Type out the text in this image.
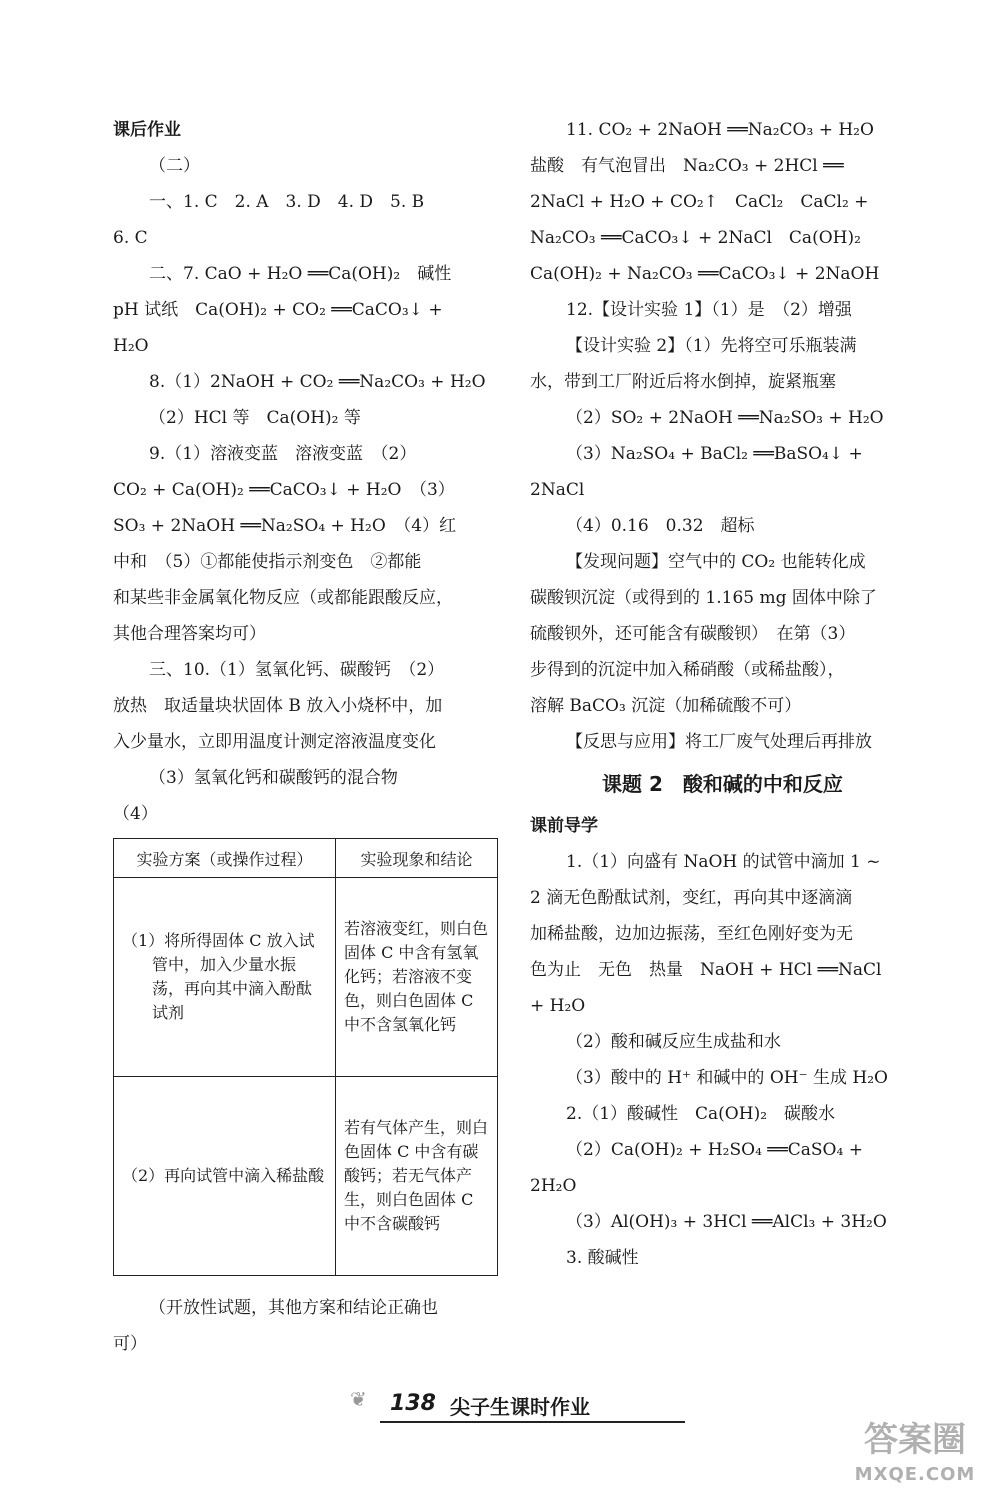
课后作业
（二）
一、1. C　2. A　3. D　4. D　5. B
6. C
二、7. CaO + H₂O ══Ca(OH)₂　碱性
pH 试纸　Ca(OH)₂ + CO₂ ══CaCO₃↓ +
H₂O
8.（1）2NaOH + CO₂ ══Na₂CO₃ + H₂O
（2）HCl 等　Ca(OH)₂ 等
9.（1）溶液变蓝　溶液变蓝　（2）
CO₂ + Ca(OH)₂ ══CaCO₃↓ + H₂O　（3）
SO₃ + 2NaOH ══Na₂SO₄ + H₂O　（4）红
中和　（5）①都能使指示剂变色　②都能
和某些非金属氧化物反应（或都能跟酸反应，
其他合理答案均可）
三、10.（1）氢氧化钙、碳酸钙　（2）
放热　取适量块状固体 B 放入小烧杯中，加
入少量水，立即用温度计测定溶液温度变化
（3）氢氧化钙和碳酸钙的混合物
（4）
实验方案（或操作过程）	实验现象和结论

（1）将所得固体 C 放入试管中，加入少量水振荡，再向其中滴入酚酞试剂	若溶液变红，则白色固体 C 中含有氢氧化钙；若溶液不变色，则白色固体 C 中不含氢氧化钙

（2）再向试管中滴入稀盐酸	若有气体产生，则白色固体 C 中含有碳酸钙；若无气体产生，则白色固体 C 中不含碳酸钙
（开放性试题，其他方案和结论正确也
可）
11. CO₂ + 2NaOH ══Na₂CO₃ + H₂O
盐酸　有气泡冒出　Na₂CO₃ + 2HCl ══
2NaCl + H₂O + CO₂↑　CaCl₂　CaCl₂ +
Na₂CO₃ ══CaCO₃↓ + 2NaCl　Ca(OH)₂
Ca(OH)₂ + Na₂CO₃ ══CaCO₃↓ + 2NaOH
12.【设计实验 1】（1）是　（2）增强
【设计实验 2】（1）先将空可乐瓶装满
水，带到工厂附近后将水倒掉，旋紧瓶塞
（2）SO₂ + 2NaOH ══Na₂SO₃ + H₂O
（3）Na₂SO₄ + BaCl₂ ══BaSO₄↓ +
2NaCl
（4）0.16　0.32　超标
【发现问题】空气中的 CO₂ 也能转化成
碳酸钡沉淀（或得到的 1.165 mg 固体中除了
硫酸钡外，还可能含有碳酸钡）　在第（3）
步得到的沉淀中加入稀硝酸（或稀盐酸），
溶解 BaCO₃ 沉淀（加稀硫酸不可）
【反思与应用】将工厂废气处理后再排放
课题 2　酸和碱的中和反应
课前导学
1.（1）向盛有 NaOH 的试管中滴加 1 ~
2 滴无色酚酞试剂，变红，再向其中逐滴滴
加稀盐酸，边加边振荡，至红色刚好变为无
色为止　无色　热量　NaOH + HCl ══NaCl
+ H₂O
（2）酸和碱反应生成盐和水
（3）酸中的 H⁺ 和碱中的 OH⁻ 生成 H₂O
2.（1）酸碱性　Ca(OH)₂　碳酸水
（2）Ca(OH)₂ + H₂SO₄ ══CaSO₄ +
2H₂O
（3）Al(OH)₃ + 3HCl ══AlCl₃ + 3H₂O
3. 酸碱性
❦ 138 尖子生课时作业
答案圈
MXQE.COM
